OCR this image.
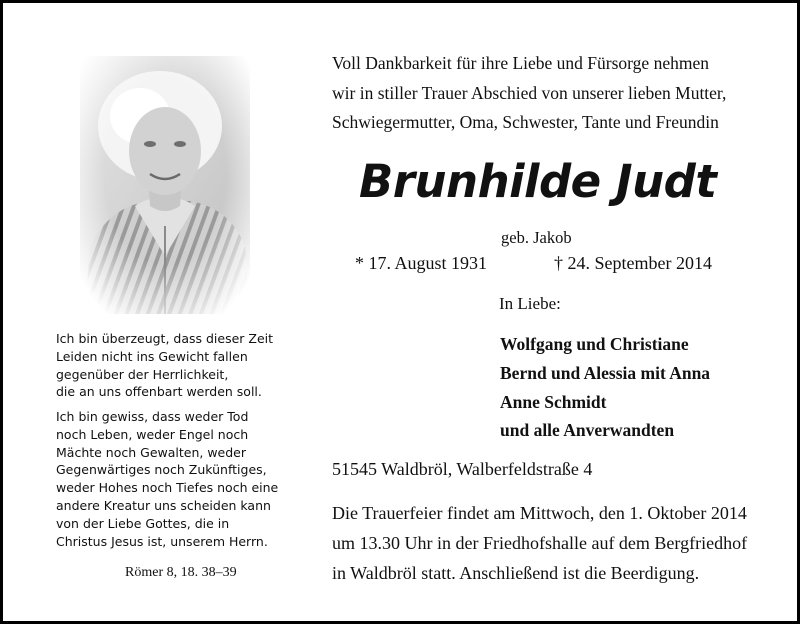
Ich bin überzeugt, dass dieser Zeit
Leiden nicht ins Gewicht fallen
gegenüber der Herrlichkeit,
die an uns offenbart werden soll.
Ich bin gewiss, dass weder Tod
noch Leben, weder Engel noch
Mächte noch Gewalten, weder
Gegenwärtiges noch Zukünftiges,
weder Hohes noch Tiefes noch eine
andere Kreatur uns scheiden kann
von der Liebe Gottes, die in
Christus Jesus ist, unserem Herrn.
Römer 8, 18. 38–39
Voll Dankbarkeit für ihre Liebe und Fürsorge nehmen
wir in stiller Trauer Abschied von unserer lieben Mutter,
Schwiegermutter, Oma, Schwester, Tante und Freundin
Brunhilde Judt
geb. Jakob
* 17. August 1931	† 24. September 2014
In Liebe:
Wolfgang und Christiane
Bernd und Alessia mit Anna
Anne Schmidt
und alle Anverwandten
51545 Waldbröl, Walberfeldstraße 4
Die Trauerfeier findet am Mittwoch, den 1. Oktober 2014
um 13.30 Uhr in der Friedhofshalle auf dem Bergfriedhof
in Waldbröl statt. Anschließend ist die Beerdigung.
